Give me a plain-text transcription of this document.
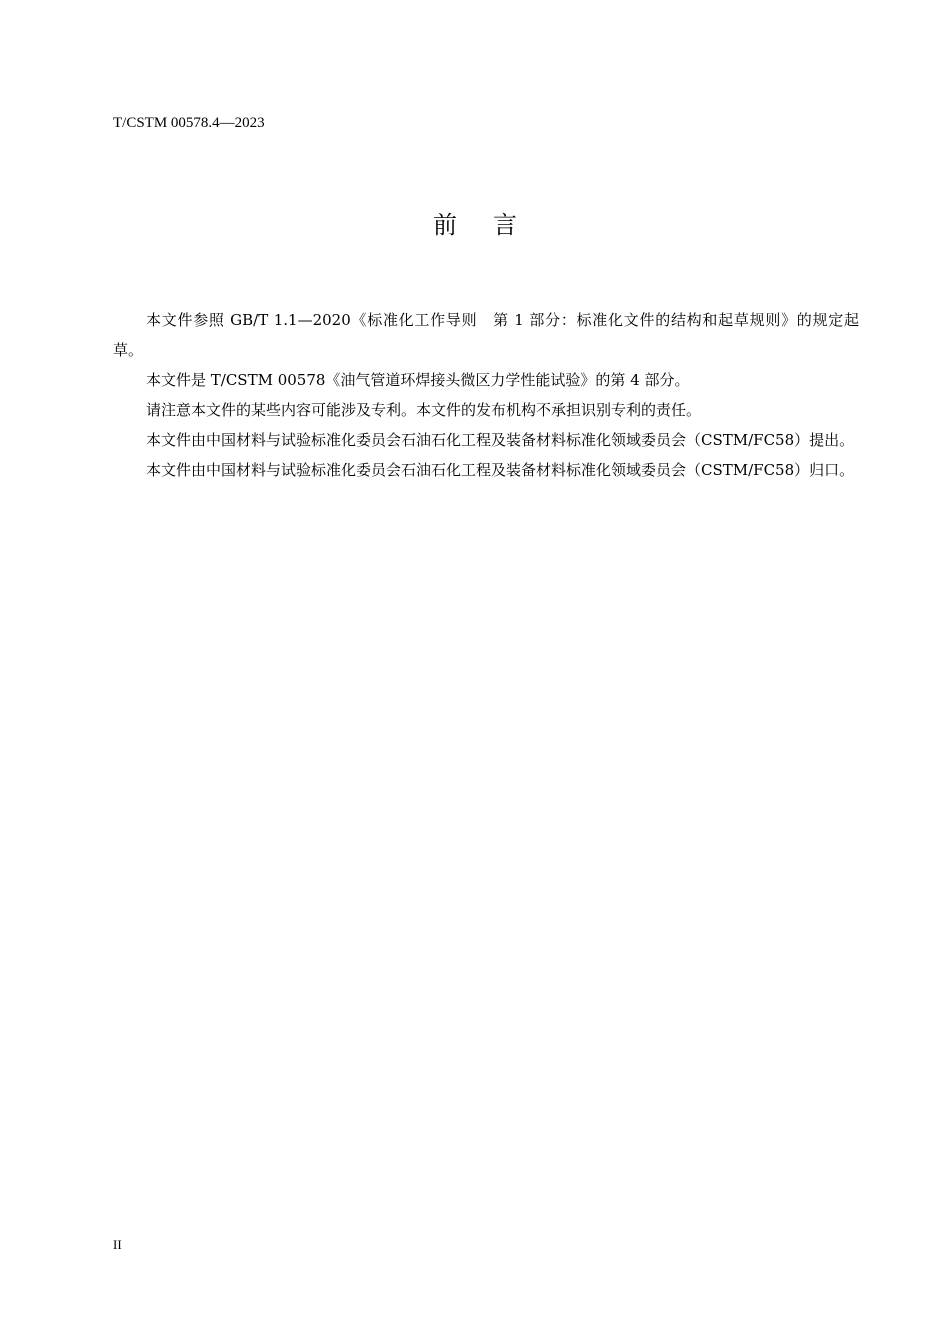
T/CSTM 00578.4—2023
前 言

本文件参照 GB/T 1.1—2020《标准化工作导则　第 1 部分：标准化文件的结构和起草规则》的规定起草。

本文件是 T/CSTM 00578《油气管道环焊接头微区力学性能试验》的第 4 部分。

请注意本文件的某些内容可能涉及专利。本文件的发布机构不承担识别专利的责任。

本文件由中国材料与试验标准化委员会石油石化工程及装备材料标准化领域委员会（CSTM/FC58）提出。

本文件由中国材料与试验标准化委员会石油石化工程及装备材料标准化领域委员会（CSTM/FC58）归口。

II
